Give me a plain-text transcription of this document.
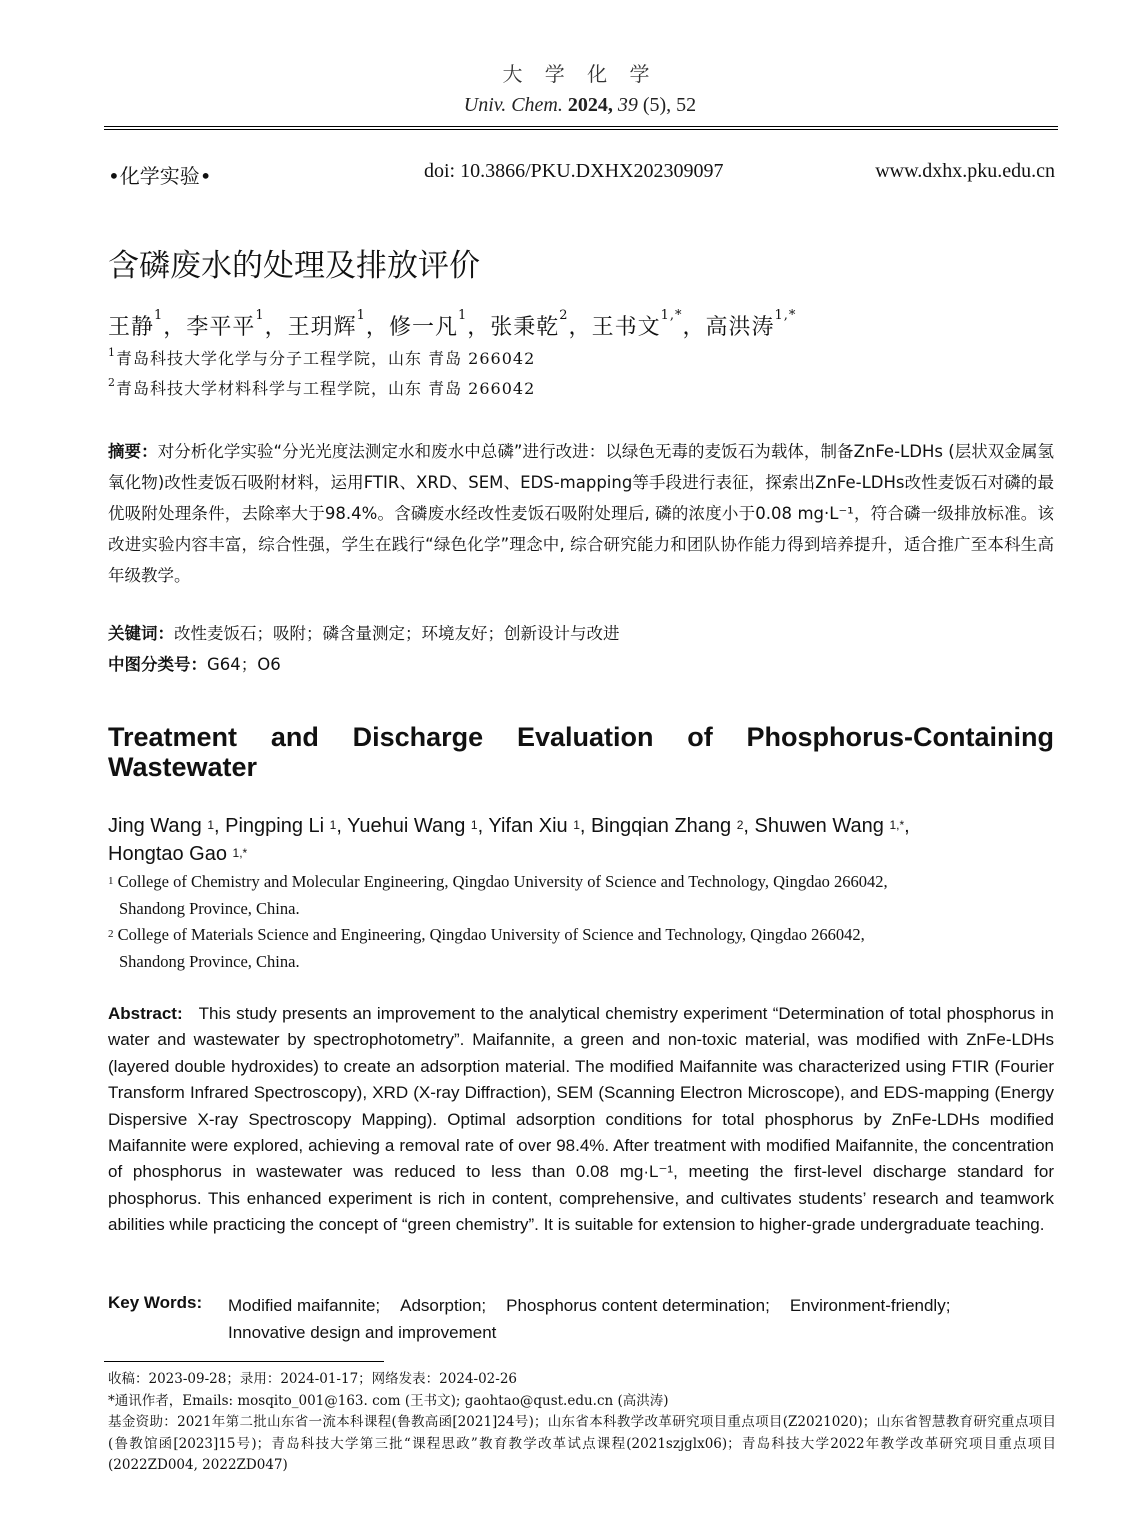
大 学 化 学
Univ. Chem. 2024, 39 (5), 52
•化学实验•	doi: 10.3866/PKU.DXHX202309097	www.dxhx.pku.edu.cn
含磷废水的处理及排放评价
王静$^1$，李平平$^1$，王玥辉$^1$，修一凡$^1$，张秉乾$^2$，王书文$^{1,*}$，高洪涛$^{1,*}$
$^1$青岛科技大学化学与分子工程学院，山东 青岛 266042
$^2$青岛科技大学材料科学与工程学院，山东 青岛 266042
摘要：对分析化学实验“分光光度法测定水和废水中总磷”进行改进：以绿色无毒的麦饭石为载体，制备ZnFe-LDHs (层状双金属氢氧化物)改性麦饭石吸附材料，运用FTIR、XRD、SEM、EDS-mapping等手段进行表征，探索出ZnFe-LDHs改性麦饭石对磷的最优吸附处理条件，去除率大于98.4%。含磷废水经改性麦饭石吸附处理后, 磷的浓度小于0.08 mg·L⁻¹，符合磷一级排放标准。该改进实验内容丰富，综合性强，学生在践行“绿色化学”理念中, 综合研究能力和团队协作能力得到培养提升，适合推广至本科生高年级教学。
关键词：改性麦饭石；吸附；磷含量测定；环境友好；创新设计与改进
中图分类号：G64；O6
Treatment and Discharge Evaluation of Phosphorus-Containing
Wastewater
Jing Wang $^1$, Pingping Li $^1$, Yuehui Wang $^1$, Yifan Xiu $^1$, Bingqian Zhang $^2$, Shuwen Wang $^{1,*}$,
Hongtao Gao $^{1,*}$
$^1$ College of Chemistry and Molecular Engineering, Qingdao University of Science and Technology, Qingdao 266042,
Shandong Province, China.
$^2$ College of Materials Science and Engineering, Qingdao University of Science and Technology, Qingdao 266042,
Shandong Province, China.
Abstract: This study presents an improvement to the analytical chemistry experiment “Determination of total phosphorus in water and wastewater by spectrophotometry”. Maifannite, a green and non-toxic material, was modified with ZnFe-LDHs (layered double hydroxides) to create an adsorption material. The modified Maifannite was characterized using FTIR (Fourier Transform Infrared Spectroscopy), XRD (X-ray Diffraction), SEM (Scanning Electron Microscope), and EDS-mapping (Energy Dispersive X-ray Spectroscopy Mapping). Optimal adsorption conditions for total phosphorus by ZnFe-LDHs modified Maifannite were explored, achieving a removal rate of over 98.4%. After treatment with modified Maifannite, the concentration of phosphorus in wastewater was reduced to less than 0.08 mg·L⁻¹, meeting the first-level discharge standard for phosphorus. This enhanced experiment is rich in content, comprehensive, and cultivates students’ research and teamwork abilities while practicing the concept of “green chemistry”. It is suitable for extension to higher-grade undergraduate teaching.
Key Words: Modified maifannite; Adsorption; Phosphorus content determination; Environment-friendly;
Innovative design and improvement
收稿：2023-09-28；录用：2024-01-17；网络发表：2024-02-26
*通讯作者，Emails: mosqito_001@163. com (王书文); gaohtao@qust.edu.cn (高洪涛)
基金资助：2021年第二批山东省一流本科课程(鲁教高函[2021]24号)；山东省本科教学改革研究项目重点项目(Z2021020)；山东省智慧教育研究重点项目(鲁教馆函[2023]15号)；青岛科技大学第三批“课程思政”教育教学改革试点课程(2021szjglx06)；青岛科技大学2022年教学改革研究项目重点项目(2022ZD004, 2022ZD047)
